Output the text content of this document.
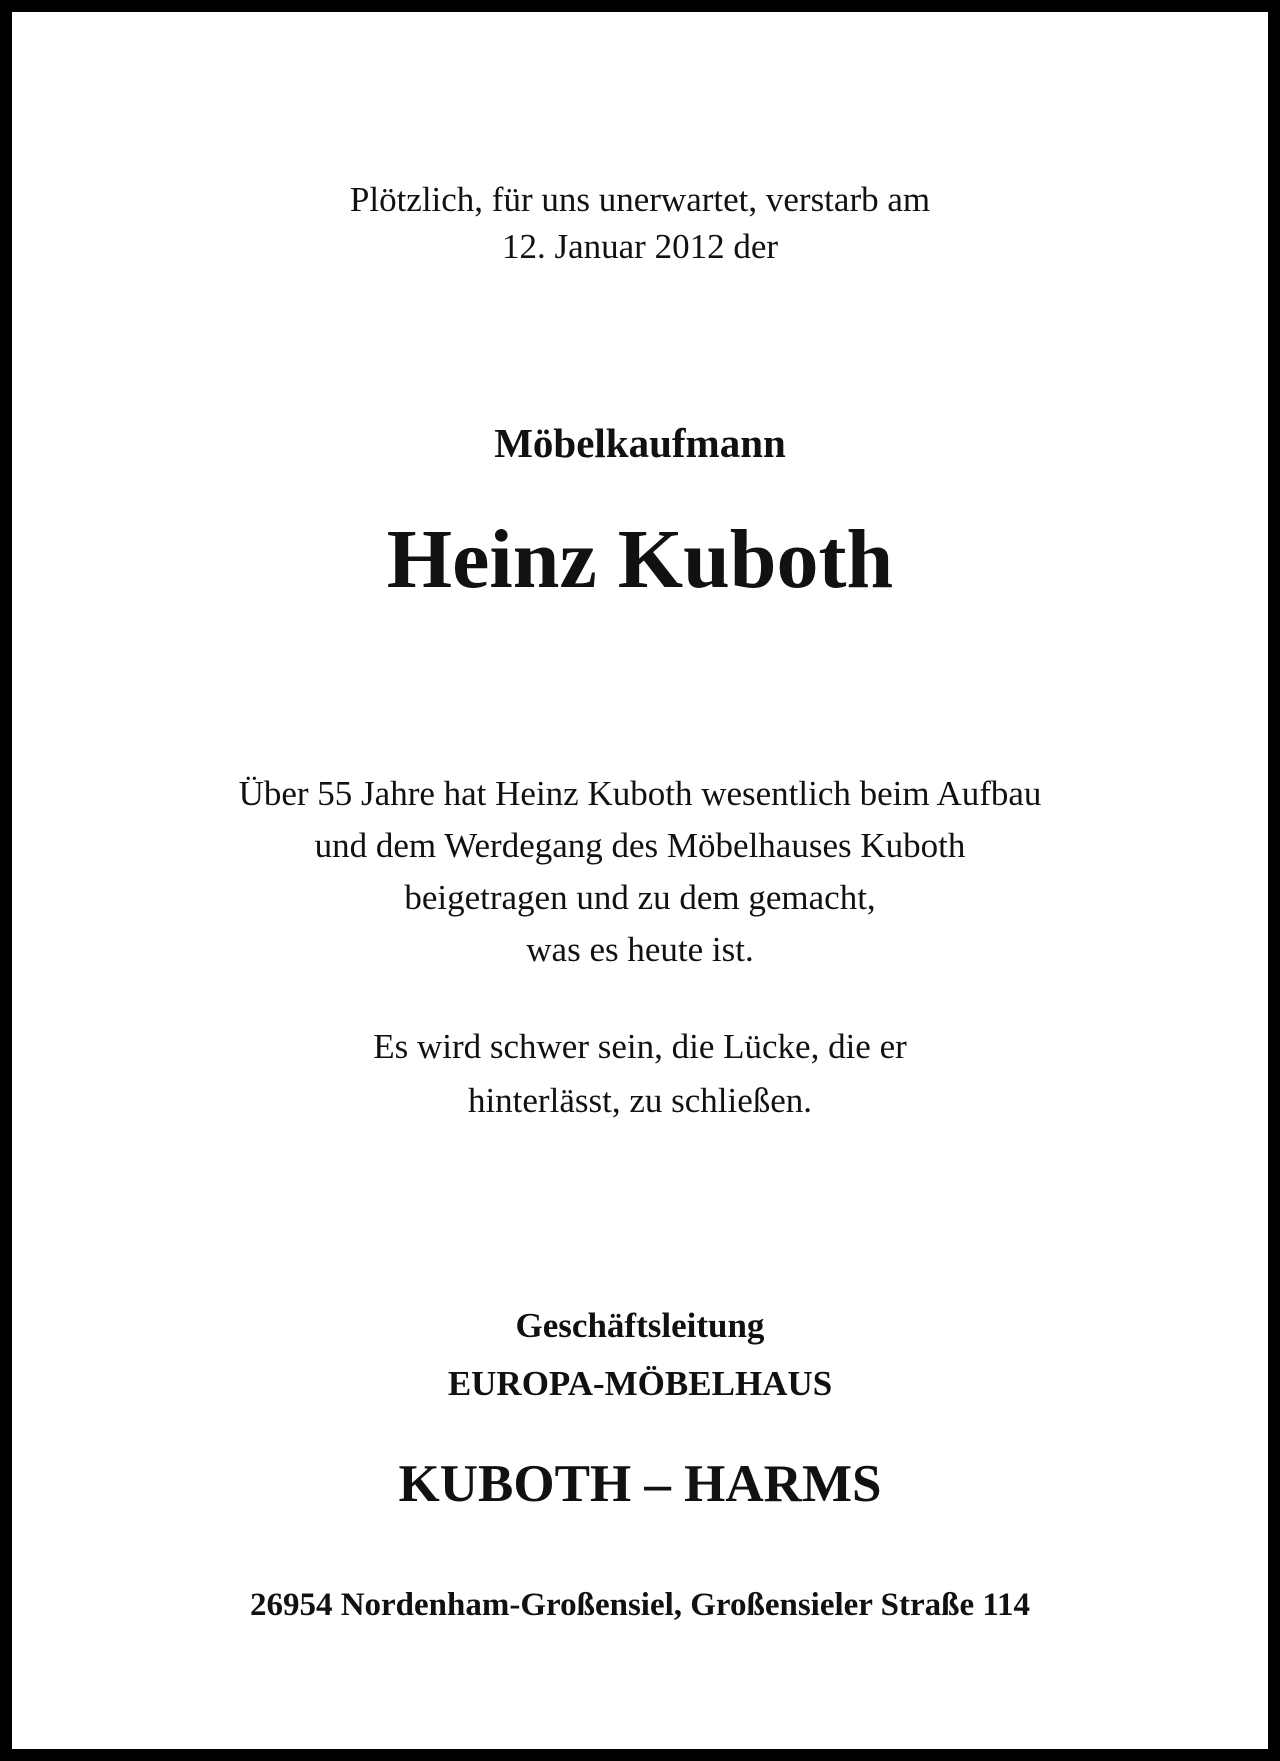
Plötzlich, für uns unerwartet, verstarb am
12. Januar 2012 der
Möbelkaufmann
Heinz Kuboth
Über 55 Jahre hat Heinz Kuboth wesentlich beim Aufbau
und dem Werdegang des Möbelhauses Kuboth
beigetragen und zu dem gemacht,
was es heute ist.
Es wird schwer sein, die Lücke, die er
hinterlässt, zu schließen.
Geschäftsleitung
EUROPA-MÖBELHAUS
KUBOTH – HARMS
26954 Nordenham-Großensiel, Großensieler Straße 114
